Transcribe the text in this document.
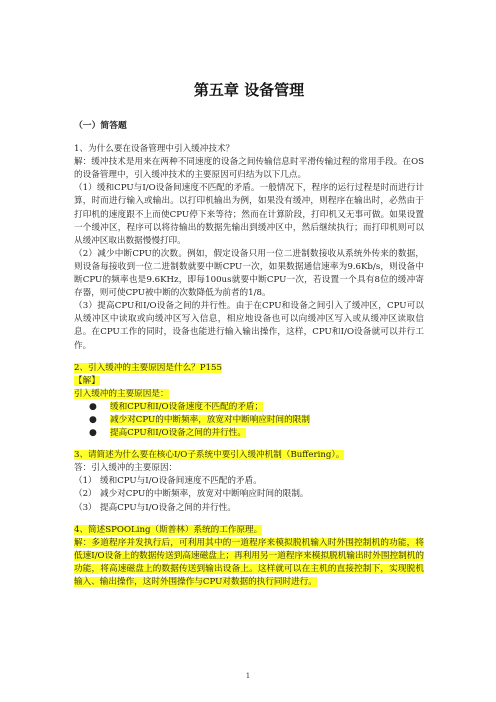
第五章 设备管理
（一）简答题

1、为什么要在设备管理中引入缓冲技术？

解：缓冲技术是用来在两种不同速度的设备之间传输信息时平滑传输过程的常用手段。在OS的设备管理中，引入缓冲技术的主要原因可归结为以下几点。

（1）缓和CPU与I/O设备间速度不匹配的矛盾。一般情况下，程序的运行过程是时而进行计算，时而进行输入或输出。以打印机输出为例，如果没有缓冲，则程序在输出时，必然由于打印机的速度跟不上而使CPU停下来等待；然而在计算阶段，打印机又无事可做。如果设置一个缓冲区，程序可以将待输出的数据先输出到缓冲区中，然后继续执行；而打印机则可以从缓冲区取出数据慢慢打印。

（2）减少中断CPU的次数。例如，假定设备只用一位二进制数接收从系统外传来的数据，则设备每接收到一位二进制数就要中断CPU一次，如果数据通信速率为9.6Kb/s，则设备中断CPU的频率也是9.6KHz，即每100us就要中断CPU一次，若设置一个具有8位的缓冲寄存器，则可使CPU被中断的次数降低为前者的1/8。

（3）提高CPU和I/O设备之间的并行性。由于在CPU和设备之间引入了缓冲区，CPU可以从缓冲区中读取或向缓冲区写入信息，相应地设备也可以向缓冲区写入或从缓冲区读取信息。在CPU工作的同时，设备也能进行输入输出操作，这样，CPU和I/O设备就可以并行工作。

2、引入缓冲的主要原因是什么？P155

【解】

引入缓冲的主要原因是：

● 缓和CPU和I/O设备速度不匹配的矛盾；
● 减少对CPU的中断频率，放宽对中断响应时间的限制
● 提高CPU和I/O设备之间的并行性。

3、请简述为什么要在核心I/O子系统中要引入缓冲机制（Buffering）。

答：引入缓冲的主要原因：

（1） 缓和CPU与I/O设备间速度不匹配的矛盾。
（2） 减少对CPU的中断频率，放宽对中断响应时间的限制。
（3） 提高CPU与I/O设备之间的并行性。

4、简述SPOOLing（斯普林）系统的工作原理。

解：多道程序并发执行后，可利用其中的一道程序来模拟脱机输入时外围控制机的功能，将低速I/O设备上的数据传送到高速磁盘上；再利用另一道程序来模拟脱机输出时外围控制机的功能，将高速磁盘上的数据传送到输出设备上。这样就可以在主机的直接控制下，实现脱机输入、输出操作，这时外围操作与CPU对数据的执行同时进行。

1
